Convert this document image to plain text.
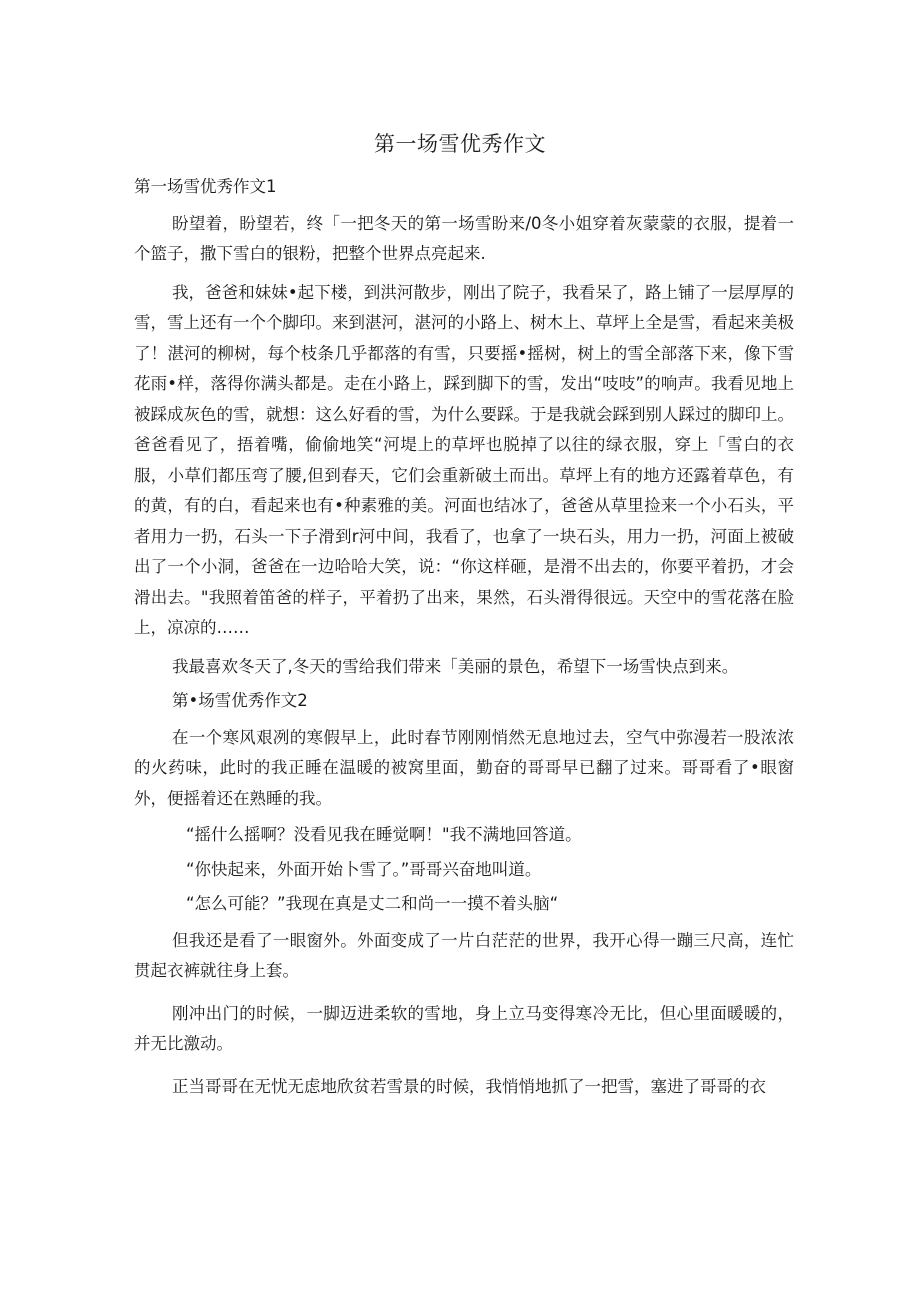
第一场雪优秀作文
第一场雪优秀作文1

盼望着，盼望若，终「一把冬天的第一场雪盼来/0冬小姐穿着灰蒙蒙的衣服，提着一个篮子，撒下雪白的银粉，把整个世界点亮起来.

我，爸爸和妹妹•起下楼，到洪河散步，刚出了院子，我看呆了，路上铺了一层厚厚的雪，雪上还有一个个脚印。来到湛河，湛河的小路上、树木上、草坪上全是雪，看起来美极了！湛河的柳树，每个枝条几乎都落的有雪，只要摇•摇树，树上的雪全部落下来，像下雪花雨•样，落得你满头都是。走在小路上，踩到脚下的雪，发出“吱吱”的响声。我看见地上被踩成灰色的雪，就想：这么好看的雪，为什么要踩。于是我就会踩到别人踩过的脚印上。爸爸看见了，捂着嘴，偷偷地笑“河堤上的草坪也脱掉了以往的绿衣服，穿上「雪白的衣服，小草们都压弯了腰,但到春天，它们会重新破土而出。草坪上有的地方还露着草色，有的黄，有的白，看起来也有•种素雅的美。河面也结冰了，爸爸从草里捡来一个小石头，平者用力一扔，石头一下子滑到r河中间，我看了，也拿了一块石头，用力一扔，河面上被破出了一个小洞，爸爸在一边哈哈大笑，说：“你这样砸，是滑不出去的，你要平着扔，才会滑出去。"我照着笛爸的样子，平着扔了出来，果然，石头滑得很远。天空中的雪花落在脸上，凉凉的……

我最喜欢冬天了,冬天的雪给我们带来「美丽的景色，希望下一场雪快点到来。

第•场雪优秀作文2

在一个寒风艰冽的寒假早上，此时春节刚刚悄然无息地过去，空气中弥漫若一股浓浓的火药味，此时的我正睡在温暖的被窝里面，勤奋的哥哥早已翻了过来。哥哥看了•眼窗外，便摇着还在熟睡的我。

“摇什么摇啊？没看见我在睡觉啊！"我不满地回答道。

“你快起来，外面开始卜雪了。”哥哥兴奋地叫道。

“怎么可能？”我现在真是丈二和尚一一摸不着头脑“

但我还是看了一眼窗外。外面变成了一片白茫茫的世界，我开心得一蹦三尺高，连忙贯起衣裤就往身上套。

刚冲出门的时候，一脚迈进柔软的雪地，身上立马变得寒冷无比，但心里面暖暖的，并无比激动。

正当哥哥在无忧无虑地欣贫若雪景的时候，我悄悄地抓了一把雪，塞进了哥哥的衣
